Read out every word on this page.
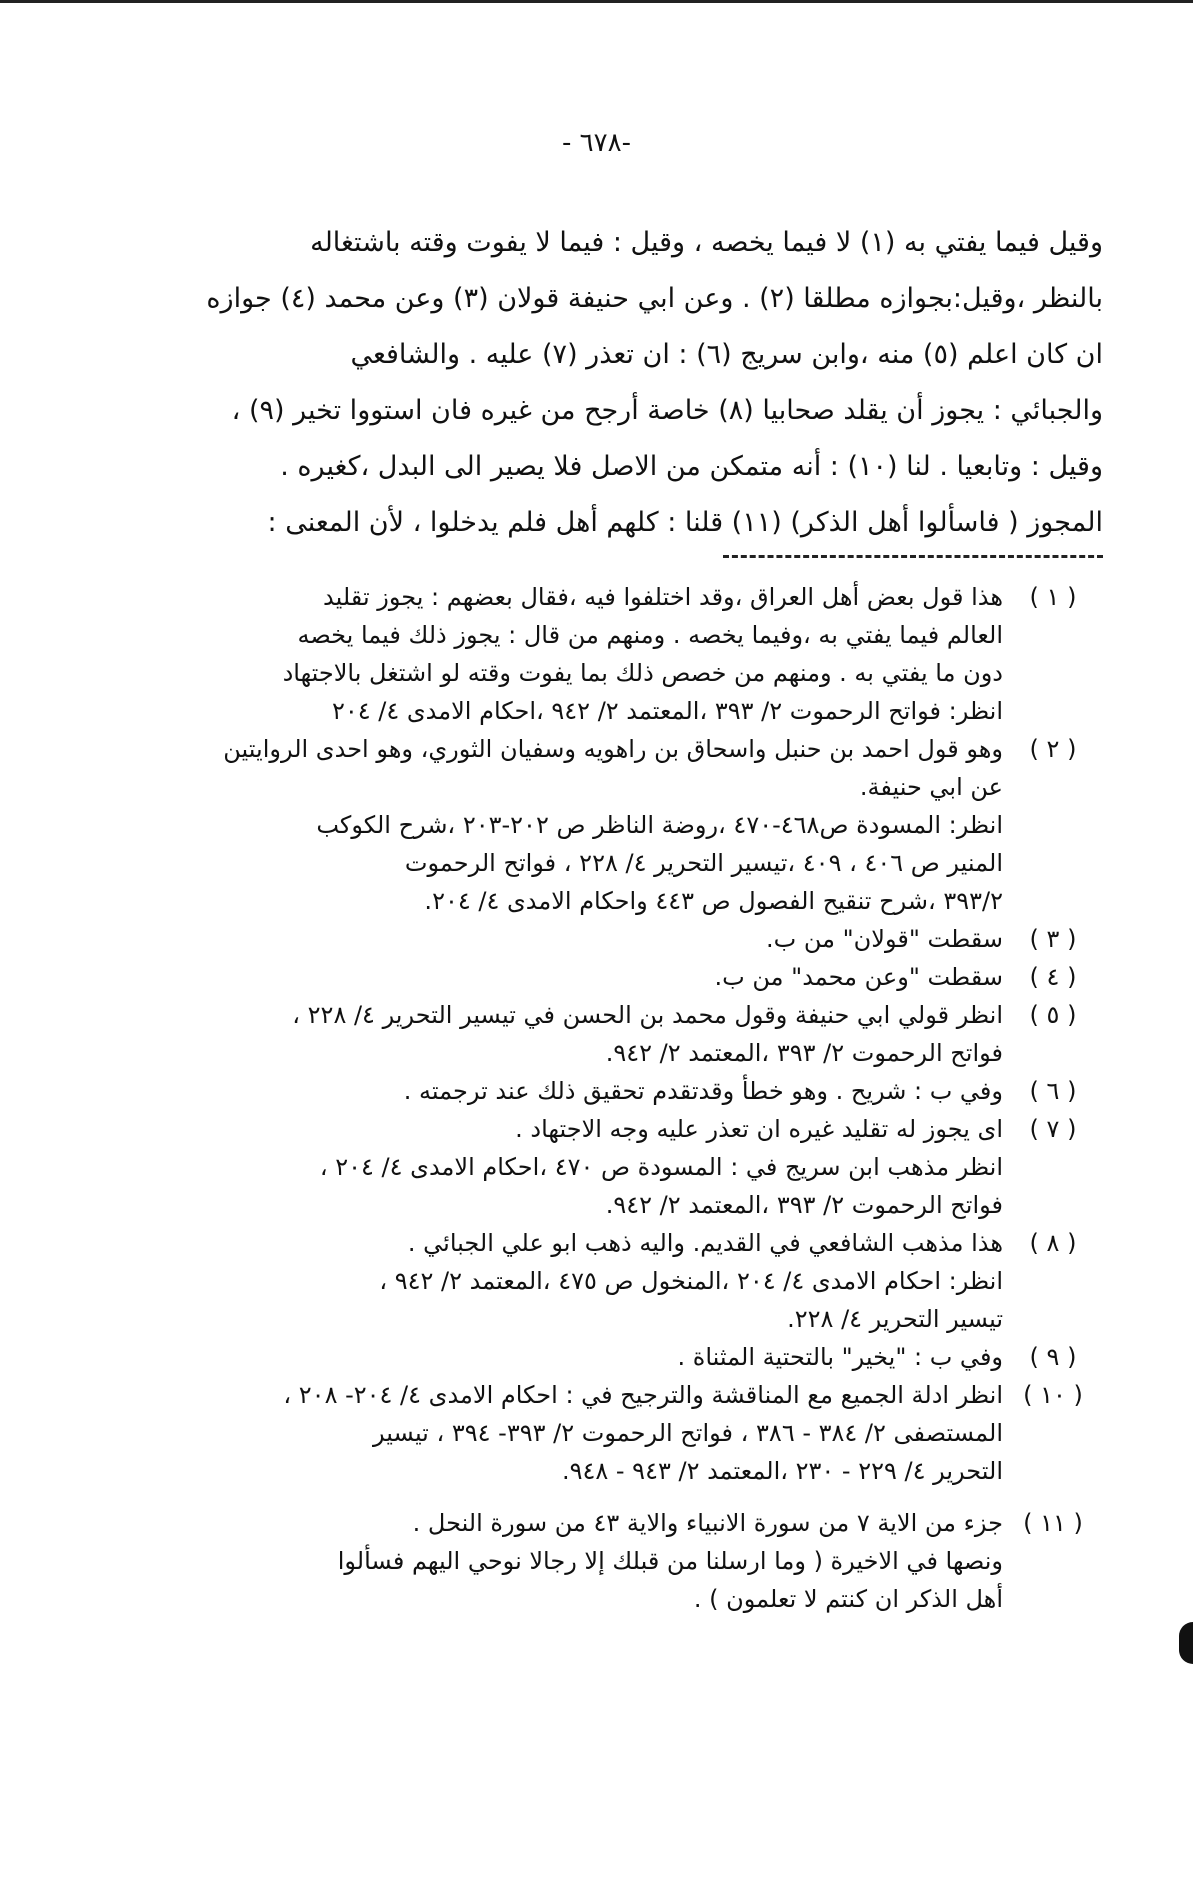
- ٦٧٨-

وقيل فيما يفتي به (١) لا فيما يخصه ، وقيل : فيما لا يفوت وقته باشتغاله

بالنظر ،وقيل:بجوازه مطلقا (٢) . وعن ابي حنيفة قولان (٣) وعن محمد (٤) جوازه

ان كان اعلم (٥) منه ،وابن سريج (٦) : ان تعذر (٧) عليه . والشافعي

والجبائي : يجوز أن يقلد صحابيا (٨) خاصة أرجح من غيره فان استووا تخير (٩) ،

وقيل : وتابعيا . لنا (١٠) : أنه متمكن من الاصل فلا يصير الى البدل ،كغيره .

المجوز ( فاسألوا أهل الذكر) (١١) قلنا : كلهم أهل فلم يدخلوا ، لأن المعنى :

( ١ )
هذا قول بعض أهل العراق ،وقد اختلفوا فيه ،فقال بعضهم : يجوز تقليد
العالم فيما يفتي به ،وفيما يخصه . ومنهم من قال : يجوز ذلك فيما يخصه
دون ما يفتي به . ومنهم من خصص ذلك بما يفوت وقته لو اشتغل بالاجتهاد
انظر: فواتح الرحموت ٢/ ٣٩٣ ،المعتمد ٢/ ٩٤٢ ،احكام الامدى ٤/ ٢٠٤
( ٢ )
وهو قول احمد بن حنبل واسحاق بن راهويه وسفيان الثوري، وهو احدى الروايتين
عن ابي حنيفة.
انظر: المسودة ص٤٦٨-٤٧٠ ،روضة الناظر ص ٢٠٢-٢٠٣ ،شرح الكوكب
المنير ص ٤٠٦ ، ٤٠٩ ،تيسير التحرير ٤/ ٢٢٨ ، فواتح الرحموت
٣٩٣/٢ ،شرح تنقيح الفصول ص ٤٤٣ واحكام الامدى ٤/ ٢٠٤.
( ٣ )
سقطت "قولان" من ب.
( ٤ )
سقطت "وعن محمد" من ب.
( ٥ )
انظر قولي ابي حنيفة وقول محمد بن الحسن في تيسير التحرير ٤/ ٢٢٨ ،
فواتح الرحموت ٢/ ٣٩٣ ،المعتمد ٢/ ٩٤٢.
( ٦ )
وفي ب : شريح . وهو خطأ وقدتقدم تحقيق ذلك عند ترجمته .
( ٧ )
اى يجوز له تقليد غيره ان تعذر عليه وجه الاجتهاد .
انظر مذهب ابن سريج في : المسودة ص ٤٧٠ ،احكام الامدى ٤/ ٢٠٤ ،
فواتح الرحموت ٢/ ٣٩٣ ،المعتمد ٢/ ٩٤٢.
( ٨ )
هذا مذهب الشافعي في القديم. واليه ذهب ابو علي الجبائي .
انظر: احكام الامدى ٤/ ٢٠٤ ،المنخول ص ٤٧٥ ،المعتمد ٢/ ٩٤٢ ،
تيسير التحرير ٤/ ٢٢٨.
( ٩ )
وفي ب : "يخير" بالتحتية المثناة .
( ١٠ )
انظر ادلة الجميع مع المناقشة والترجيح في : احكام الامدى ٤/ ٢٠٤- ٢٠٨ ،
المستصفى ٢/ ٣٨٤ - ٣٨٦ ، فواتح الرحموت ٢/ ٣٩٣- ٣٩٤ ، تيسير
التحرير ٤/ ٢٢٩ - ٢٣٠ ،المعتمد ٢/ ٩٤٣ - ٩٤٨.
( ١١ )
جزء من الاية ٧ من سورة الانبياء والاية ٤٣ من سورة النحل .
ونصها في الاخيرة ( وما ارسلنا من قبلك إلا رجالا نوحي اليهم فسألوا
أهل الذكر ان كنتم لا تعلمون ) .
